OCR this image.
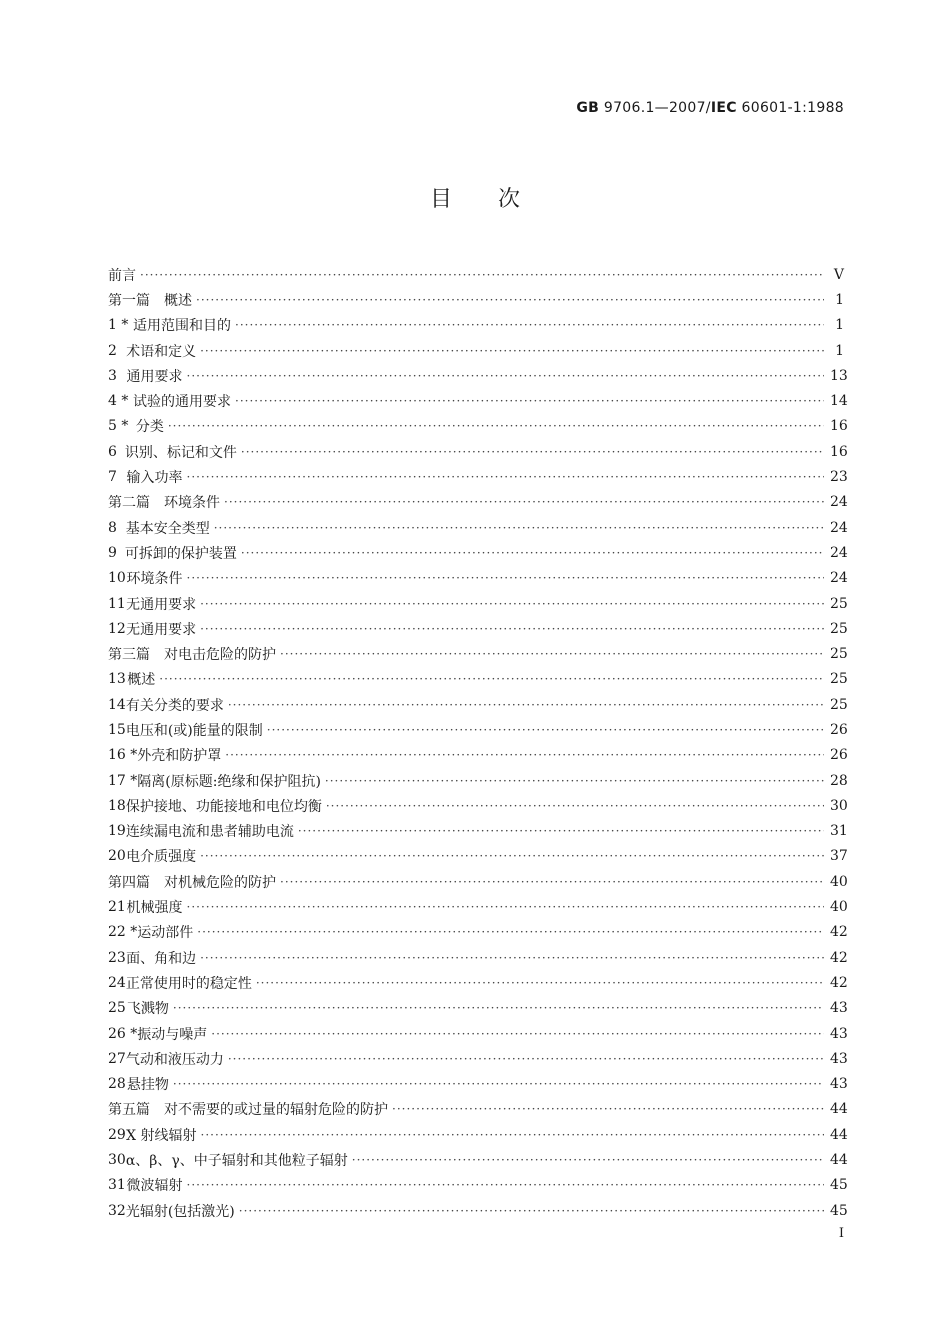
GB 9706.1—2007/IEC 60601-1:1988
目 次
前言 ·····	V
第一篇　概述 ·····	1
1 * 适用范围和目的 ·····	1
2 术语和定义 ·····	1
3 通用要求 ·····	13
4 * 试验的通用要求 ·····	14
5 * 分类 ·····	16
6 识别、标记和文件 ·····	16
7 输入功率 ·····	23
第二篇　环境条件 ·····	24
8 基本安全类型 ·····	24
9 可拆卸的保护装置 ·····	24
10 环境条件 ·····	24
11 无通用要求 ·····	25
12 无通用要求 ·····	25
第三篇　对电击危险的防护 ·····	25
13 概述 ·····	25
14 有关分类的要求 ·····	25
15 电压和(或)能量的限制 ·····	26
16 * 外壳和防护罩 ·····	26
17 * 隔离(原标题:绝缘和保护阻抗) ·····	28
18 保护接地、功能接地和电位均衡 ·····	30
19 连续漏电流和患者辅助电流 ·····	31
20 电介质强度 ·····	37
第四篇　对机械危险的防护 ·····	40
21 机械强度 ·····	40
22 * 运动部件 ·····	42
23 面、角和边 ·····	42
24 正常使用时的稳定性 ·····	42
25 飞溅物 ·····	43
26 * 振动与噪声 ·····	43
27 气动和液压动力 ·····	43
28 悬挂物 ·····	43
第五篇　对不需要的或过量的辐射危险的防护 ·····	44
29 X 射线辐射 ·····	44
30 α、β、γ、中子辐射和其他粒子辐射 ·····	44
31 微波辐射 ·····	45
32 光辐射(包括激光) ·····	45
I
